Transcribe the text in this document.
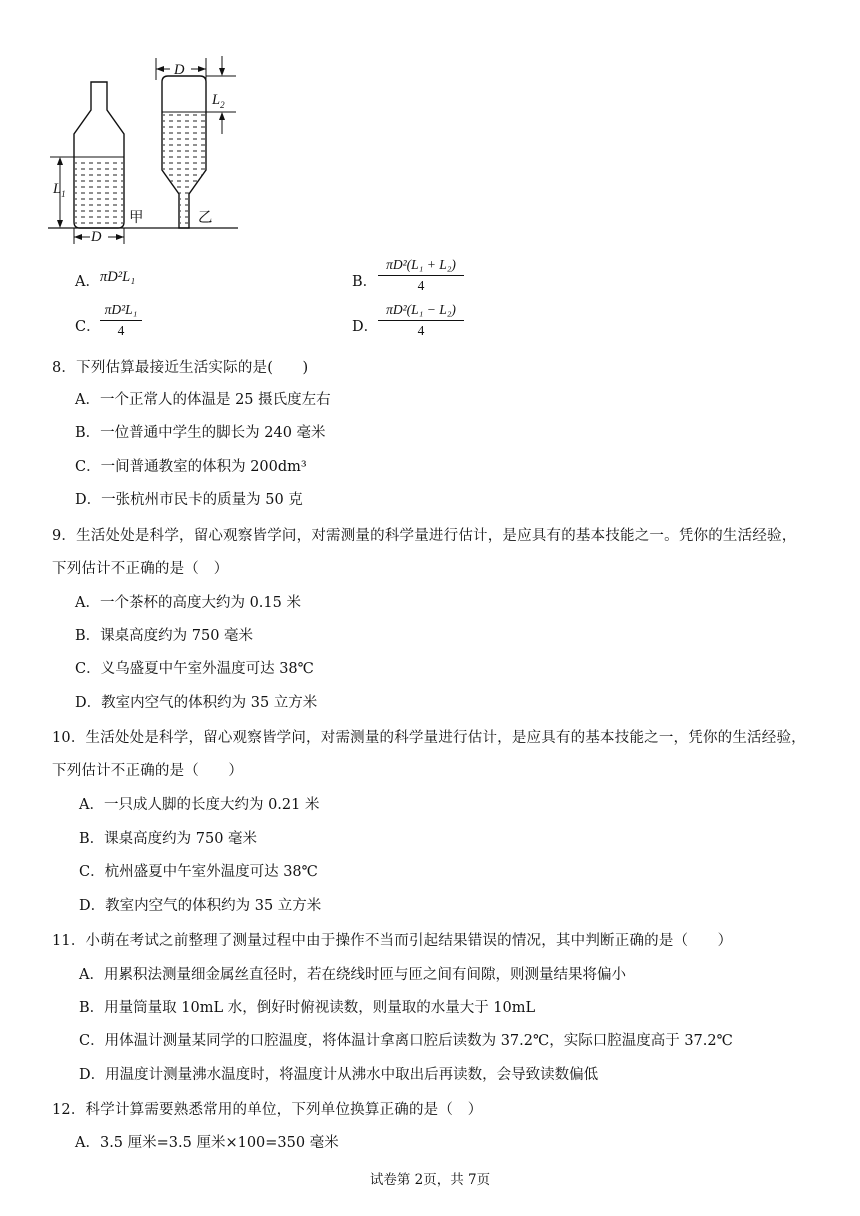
D
$L_2$
$L_1$
D
甲	乙
A． πD²L₁	B． $\frac{\text{πD²(L₁ + L₂)}}{4}$
C． $\frac{\text{πD²L₁}}{4}$	D． $\frac{\text{πD²(L₁ − L₂)}}{4}$
8．下列估算最接近生活实际的是(　　)
A．一个正常人的体温是 25 摄氏度左右
B．一位普通中学生的脚长为 240 毫米
C．一间普通教室的体积为 200dm³
D．一张杭州市民卡的质量为 50 克
9．生活处处是科学，留心观察皆学问，对需测量的科学量进行估计，是应具有的基本技能之一。凭你的生活经验，
下列估计不正确的是（　）
A．一个茶杯的高度大约为 0.15 米
B．课桌高度约为 750 毫米
C．义乌盛夏中午室外温度可达 38℃
D．教室内空气的体积约为 35 立方米
10．生活处处是科学，留心观察皆学问，对需测量的科学量进行估计，是应具有的基本技能之一，凭你的生活经验，
下列估计不正确的是（　　）
A．一只成人脚的长度大约为 0.21 米
B．课桌高度约为 750 毫米
C．杭州盛夏中午室外温度可达 38℃
D．教室内空气的体积约为 35 立方米
11．小萌在考试之前整理了测量过程中由于操作不当而引起结果错误的情况，其中判断正确的是（　　）
A．用累积法测量细金属丝直径时，若在绕线时匝与匝之间有间隙，则测量结果将偏小
B．用量筒量取 10mL 水，倒好时俯视读数，则量取的水量大于 10mL
C．用体温计测量某同学的口腔温度，将体温计拿离口腔后读数为 37.2℃，实际口腔温度高于 37.2℃
D．用温度计测量沸水温度时，将温度计从沸水中取出后再读数，会导致读数偏低
12．科学计算需要熟悉常用的单位，下列单位换算正确的是（　）
A．3.5 厘米=3.5 厘米×100=350 毫米
试卷第 2页，共 7页
